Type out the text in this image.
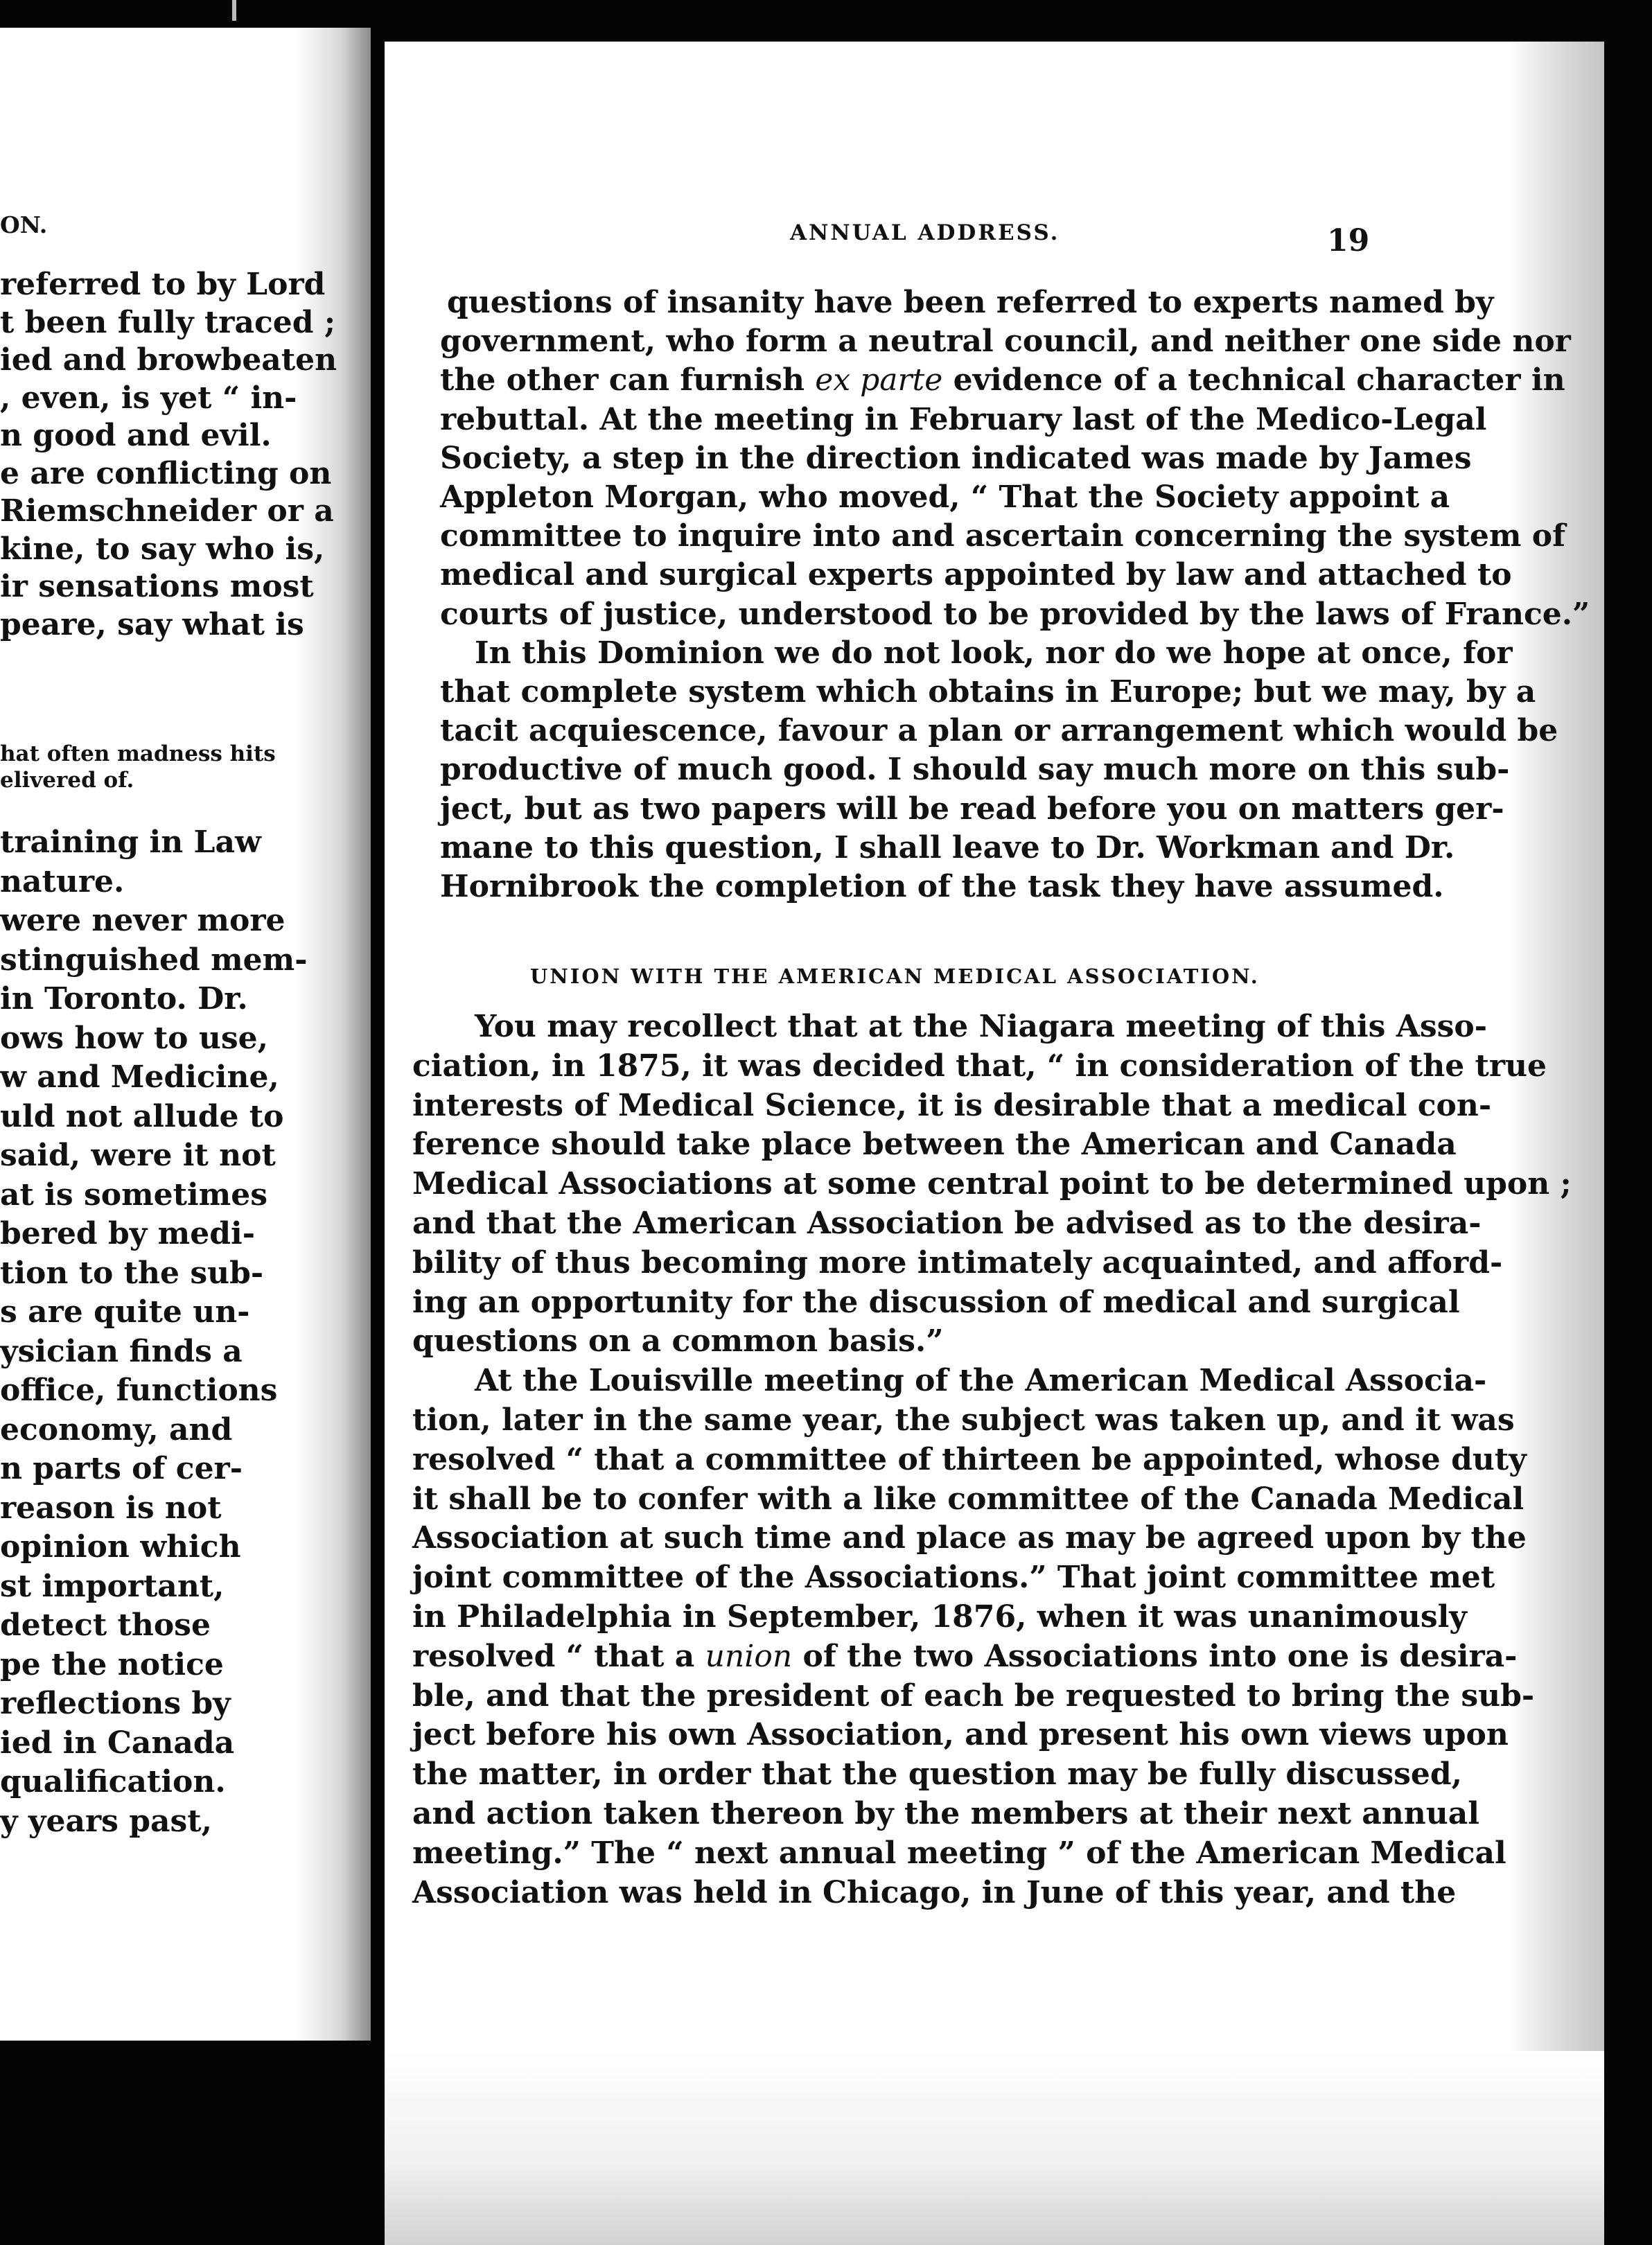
ON.
referred to by Lord
t been fully traced ;
ied and browbeaten
, even, is yet “ in-
n good and evil.
e are conflicting on
Riemschneider or a
kine, to say who is,
ir sensations most
peare, say what is
hat often madness hits
elivered of.
training in Law
nature.
were never more
stinguished mem-
in Toronto. Dr.
ows how to use,
w and Medicine,
uld not allude to
said, were it not
at is sometimes
bered by medi-
tion to the sub-
s are quite un-
ysician finds a
office, functions
economy, and
n parts of cer-
reason is not
opinion which
st important,
detect those
pe the notice
reflections by
ied in Canada
qualification.
y years past,
ANNUAL ADDRESS.	19
UNION WITH THE AMERICAN MEDICAL ASSOCIATION.
questions of insanity have been referred to experts named by
government, who form a neutral council, and neither one side nor
the other can furnish ex parte evidence of a technical character in
rebuttal. At the meeting in February last of the Medico-Legal
Society, a step in the direction indicated was made by James
Appleton Morgan, who moved, “ That the Society appoint a
committee to inquire into and ascertain concerning the system of
medical and surgical experts appointed by law and attached to
courts of justice, understood to be provided by the laws of France.”
In this Dominion we do not look, nor do we hope at once, for
that complete system which obtains in Europe; but we may, by a
tacit acquiescence, favour a plan or arrangement which would be
productive of much good. I should say much more on this sub-
ject, but as two papers will be read before you on matters ger-
mane to this question, I shall leave to Dr. Workman and Dr.
Hornibrook the completion of the task they have assumed.
You may recollect that at the Niagara meeting of this Asso-
ciation, in 1875, it was decided that, “ in consideration of the true
interests of Medical Science, it is desirable that a medical con-
ference should take place between the American and Canada
Medical Associations at some central point to be determined upon ;
and that the American Association be advised as to the desira-
bility of thus becoming more intimately acquainted, and afford-
ing an opportunity for the discussion of medical and surgical
questions on a common basis.”
At the Louisville meeting of the American Medical Associa-
tion, later in the same year, the subject was taken up, and it was
resolved “ that a committee of thirteen be appointed, whose duty
it shall be to confer with a like committee of the Canada Medical
Association at such time and place as may be agreed upon by the
joint committee of the Associations.” That joint committee met
in Philadelphia in September, 1876, when it was unanimously
resolved “ that a union of the two Associations into one is desira-
ble, and that the president of each be requested to bring the sub-
ject before his own Association, and present his own views upon
the matter, in order that the question may be fully discussed,
and action taken thereon by the members at their next annual
meeting.” The “ next annual meeting ” of the American Medical
Association was held in Chicago, in June of this year, and the
